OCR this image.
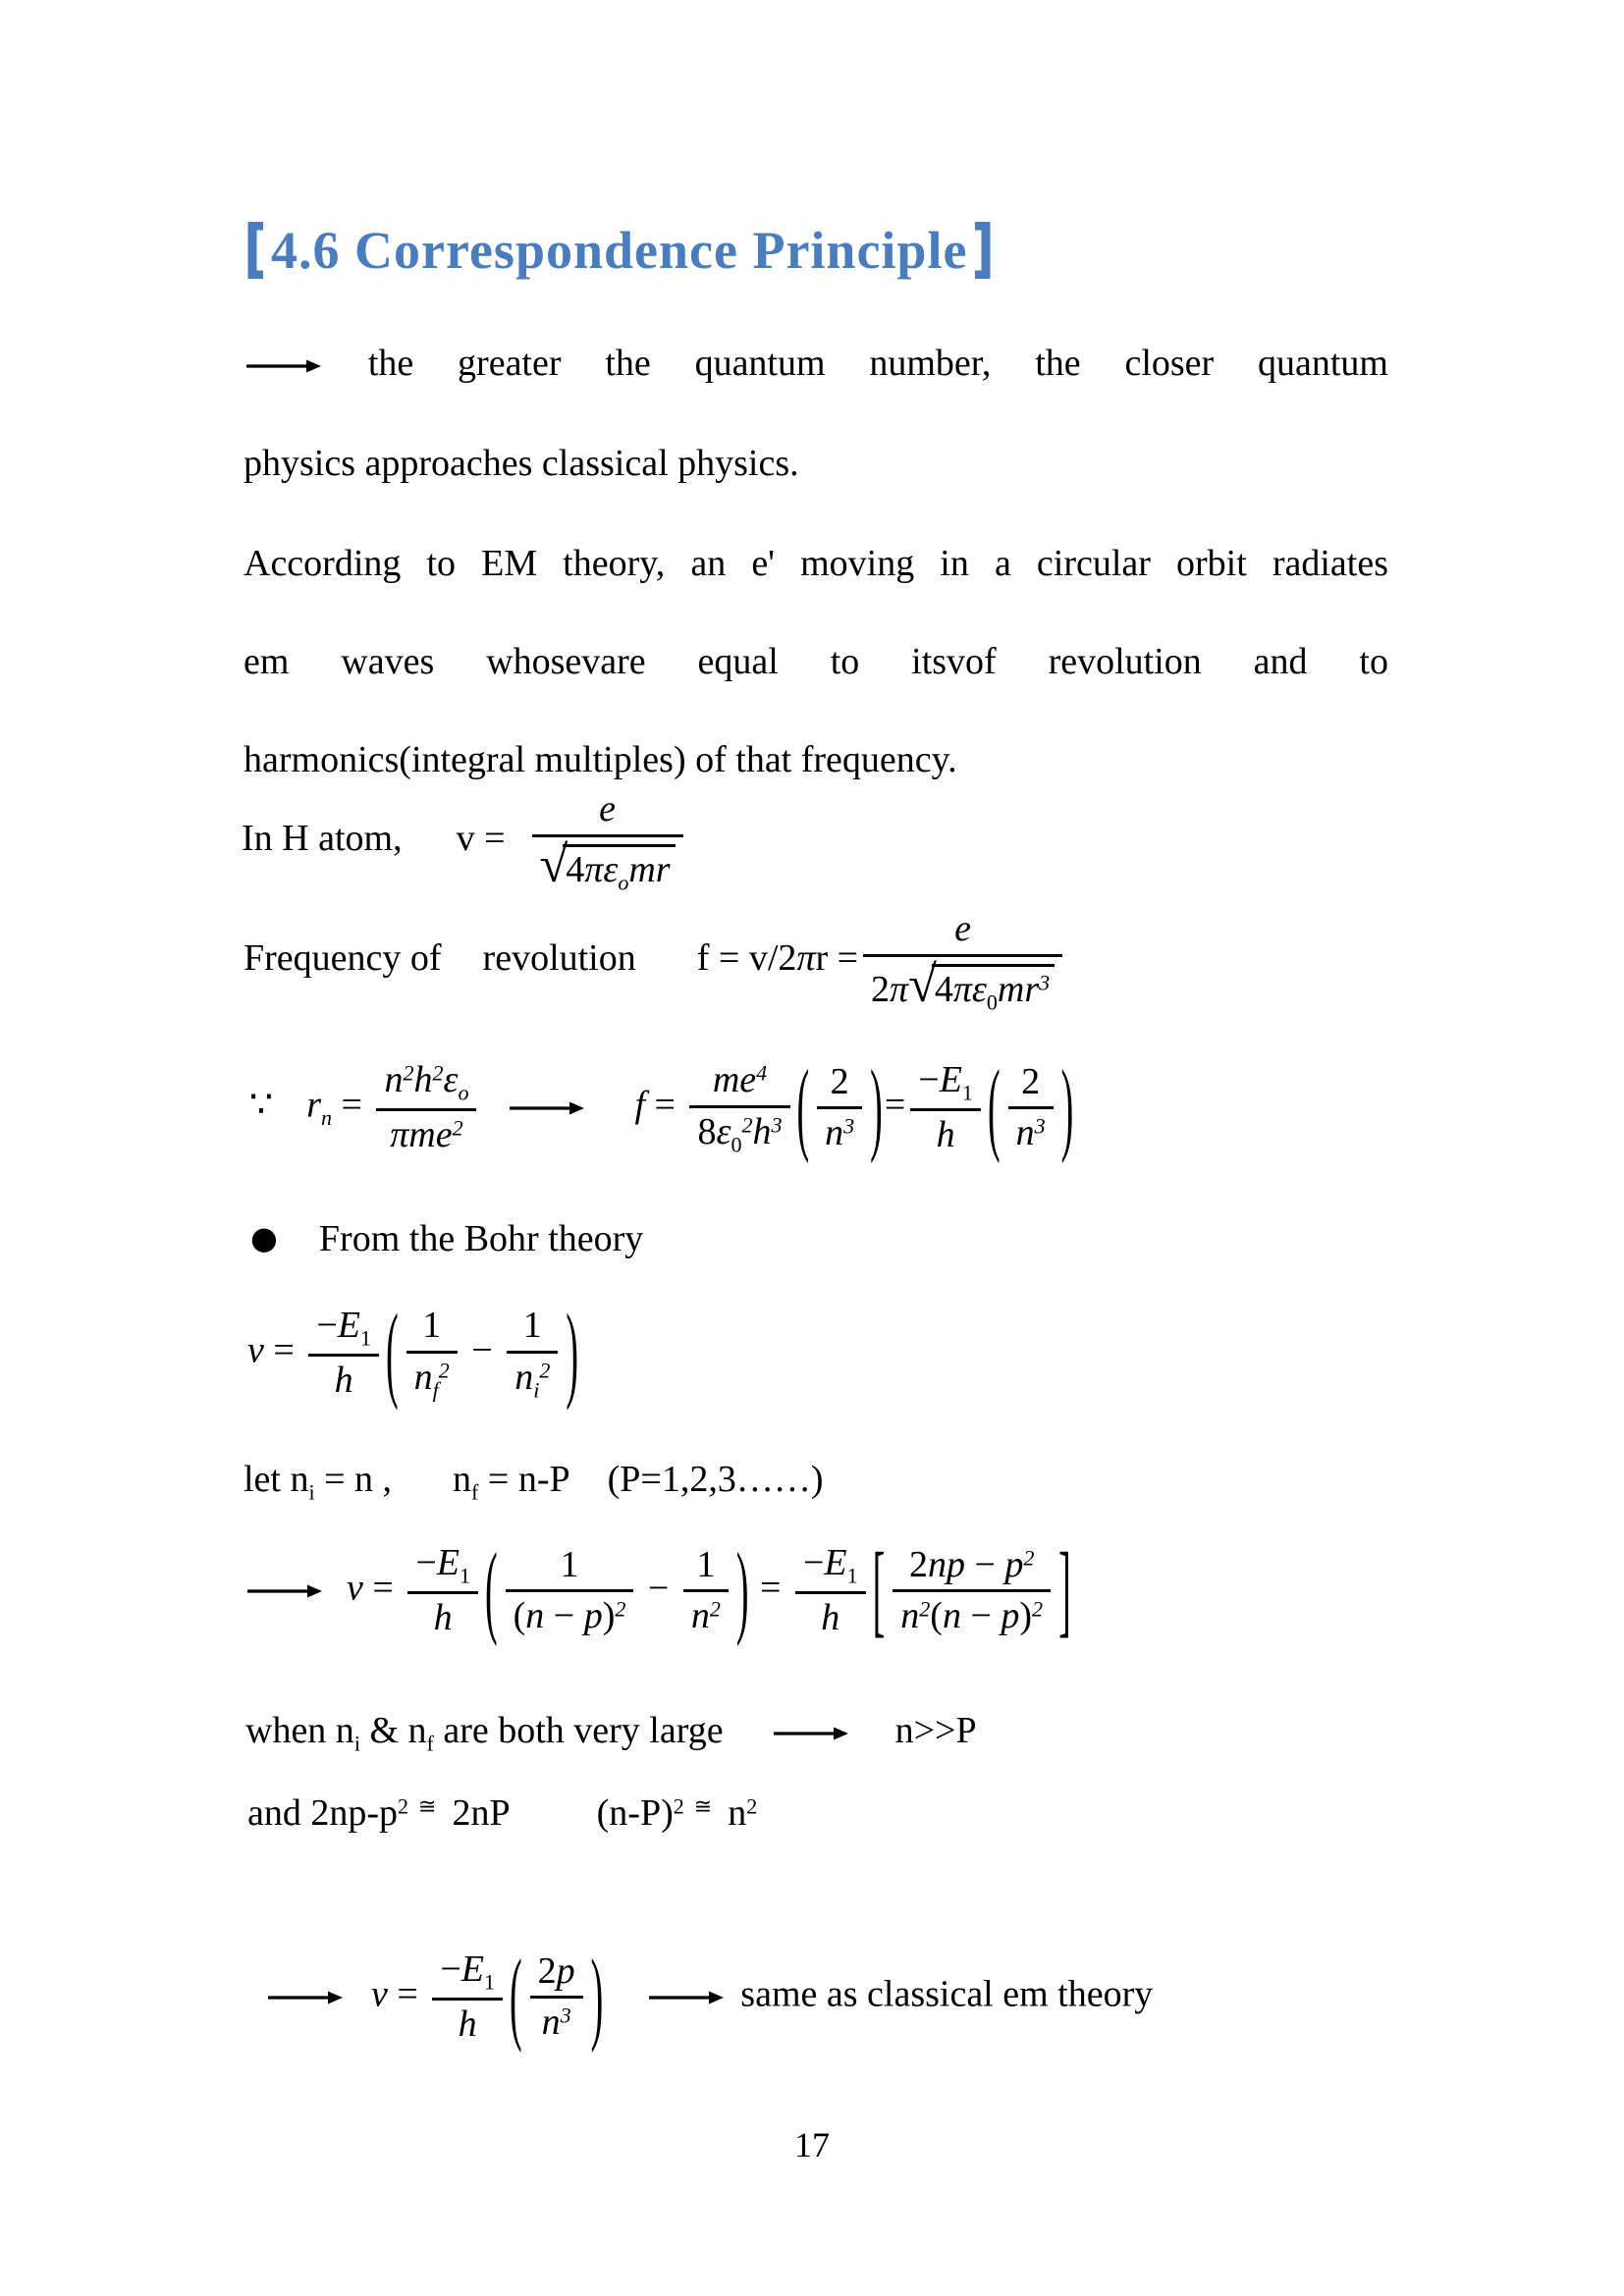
4.6 Correspondence Principle
the greater the quantum number, the closer quantum
physics approaches classical physics.
According to EM theory, an e' moving in a circular orbit radiates
em waves whosevare equal to itsvof revolution and to
harmonics(integral multiples) of that frequency.
In H atom, $v = \frac{e}{√4\pi\varepsilon_omr}$
Frequency of revolution $f = v/2\pi r = \frac{e}{2\pi√4\pi\varepsilon_0mr^3}$
∵ $r_n = \frac{n^2h^2\varepsilon_o}{\pi me^2}$	$f = \frac{me^4}{8\varepsilon_0^2h^3}$ ( $\frac{2}{n^3}$ ) = $\frac{-E_1}{h}$ ( $\frac{2}{n^3}$ )
● From the Bohr theory
$\nu = \frac{-E_1}{h}$ ( $\frac{1}{n_f^2} - \frac{1}{n_i^2}$ )
let $n_i = n$ , $n_f = n-P$ (P=1,2,3……)
$\nu = \frac{-E_1}{h}$ ( $\frac{1}{(n - p)^2} - \frac{1}{n^2}$ ) = $\frac{-E_1}{h}$ [ $\frac{2np - p^2}{n^2(n - p)^2}$ ]
when $n_i$ & $n_f$ are both very large	n>>P
and $2np-p^2$ ≅ 2nP $(n-P)^2$ ≅ $n^2$
$\nu = \frac{-E_1}{h}$ ( $\frac{2p}{n^3}$ )	same as classical em theory
17
